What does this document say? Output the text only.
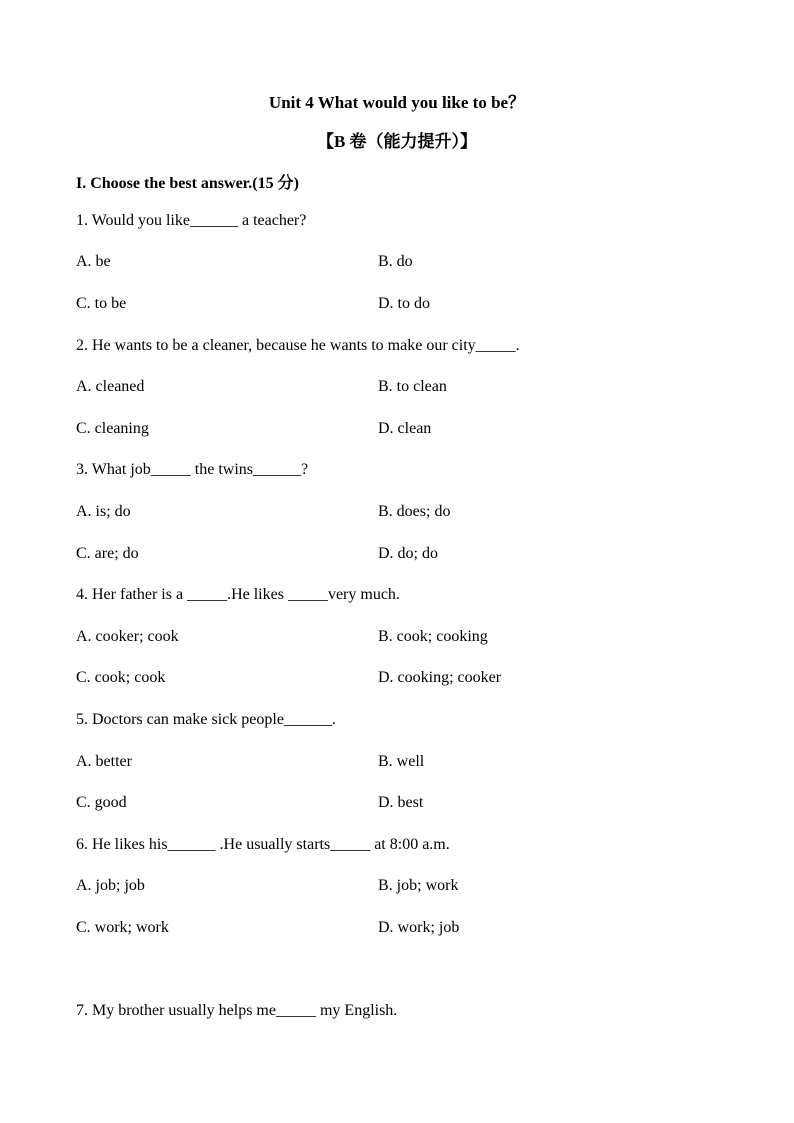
Unit 4 What would you like to be？
【B 卷（能力提升）】
I. Choose the best answer.(15 分)
1. Would you like______ a teacher?
A. be	B. do
C. to be	D. to do
2. He wants to be a cleaner, because he wants to make our city_____.
A. cleaned	B. to clean
C. cleaning	D. clean
3. What job_____ the twins______?
A. is; do	B. does; do
C. are; do	D. do; do
4. Her father is a _____.He likes _____very much.
A. cooker; cook	B. cook; cooking
C. cook; cook	D. cooking; cooker
5. Doctors can make sick people______.
A. better	B. well
C. good	D. best
6. He likes his______ .He usually starts_____ at 8:00 a.m.
A. job; job	B. job; work
C. work; work	D. work; job
7. My brother usually helps me_____ my English.
